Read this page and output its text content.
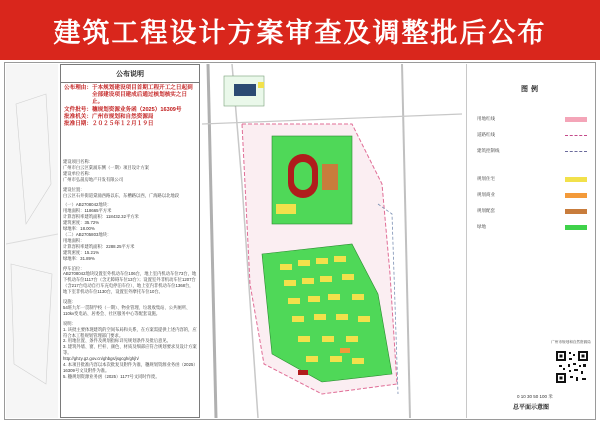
建筑工程设计方案审查及调整批后公布
公布说明
公布理由： 于本规划建设项目首期工程开工之日起到全部建设项目建成后通过核划核实之日止。
文件批号： 穗规划资源业务函（2025）16309号
批准机关： 广州市规划和自然资源局
批准日期： ２０２５年１２月１９日
建设项目名称：
广州市白云区棠涌东侧（一期）项目设计方案
建设单位名称：
广州市弘晟房地产开发有限公司
建设位置：
白云区石井街道棠涌西路以东，东槽路以西，广海路以北地段
（一）AB2708042地块：
用地面积：118665平方米
计算容积率建筑面积：118432.32平方米
建筑密度：35.72%
绿地率：18.00%
（二）AB2705803地块：
用地面积：
计算容积率建筑面积：2288.25平方米
建筑密度：15.21%
绿地率：31.89%
停车泊位：
AB2708042地块设置室外机动车位106台，地上室内机动车位73台，地下机动车位1117台（含无障碍车位13台）；设置室外非机动车位1207台（含217台电动自行车充电停泊车位），地上室内非机动车位1368台，地下室非机动车位1130台，设置室外摩托车位10台。
设施：
54班九年一贯制学校（一期）、物业管理、垃圾收集站、公共厕所、110kv变电站、居委会、社区服务中心等配套设施。
说明：
1. 该批主要体现建筑的空间布局和关系，在方案需提供上述内容的，应符合本工程规划管理部门要求。
2. 用地位置、条件及规划指标详见规划条件及批后意见。
3. 建筑外墙、窗、栏杆、颜色、材质及细部应符合规划要求及设计方案等。
http://ghzy.gz.gov.cn/ghbgs/jsgcgh/ghjh/
4. 本项目批准内容以本次批复及附件为准，穗规划资源业务函（2025）16309号文及附件为准。
5. 穗规划资源业务函（2025）1177号文同时作废。
图例
用地红线
道路红线
建筑控制线
规划住宅
规划商业
规划配套
绿地
广州市规划和自然资源局
0 10 30 50 100 米
总平面示意图
